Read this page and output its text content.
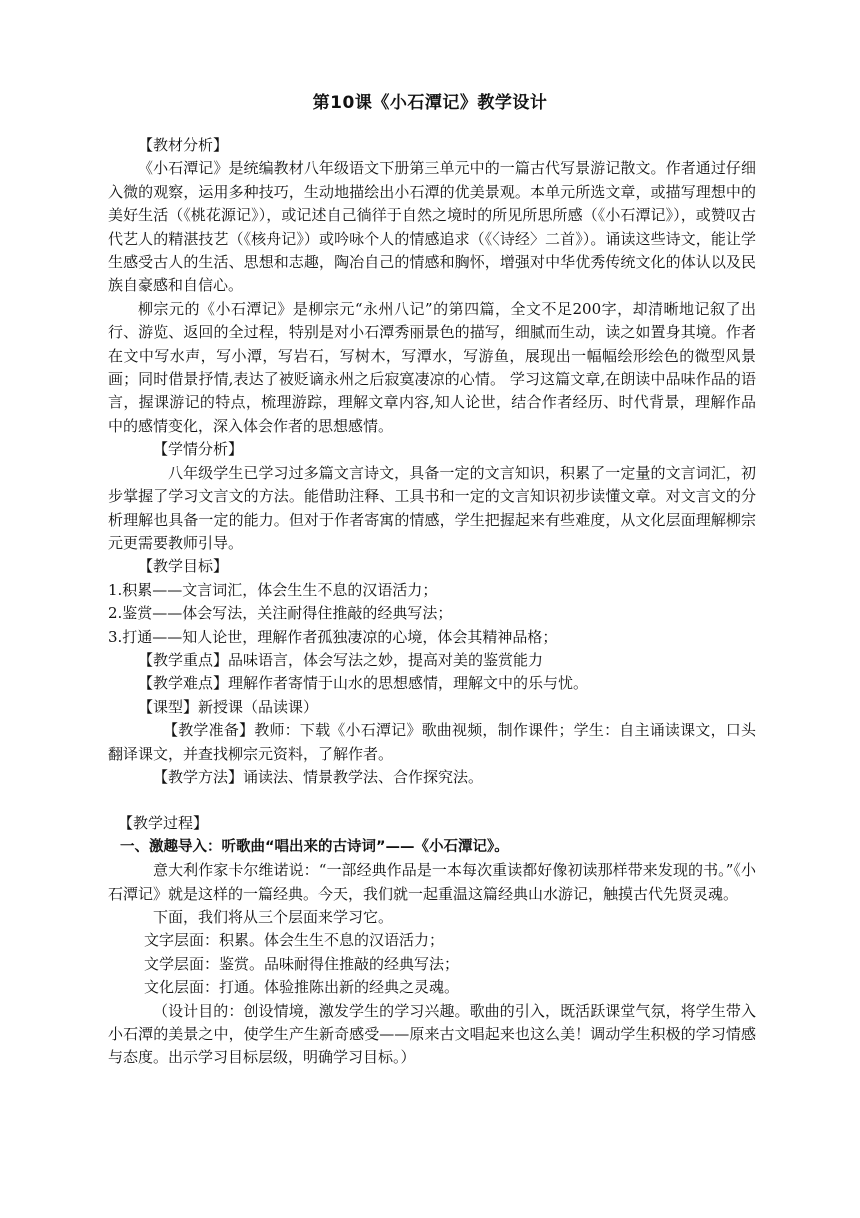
第10课《小石潭记》教学设计

【教材分析】

《小石潭记》是统编教材八年级语文下册第三单元中的一篇古代写景游记散文。作者通过仔细入微的观察，运用多种技巧，生动地描绘出小石潭的优美景观。本单元所选文章，或描写理想中的美好生活（《桃花源记》），或记述自己徜徉于自然之境时的所见所思所感（《小石潭记》），或赞叹古代艺人的精湛技艺（《核舟记》）或吟咏个人的情感追求（《〈诗经〉二首》）。诵读这些诗文，能让学生感受古人的生活、思想和志趣，陶冶自己的情感和胸怀，增强对中华优秀传统文化的体认以及民族自豪感和自信心。

柳宗元的《小石潭记》是柳宗元“永州八记”的第四篇，全文不足200字，却清晰地记叙了出行、游览、返回的全过程，特别是对小石潭秀丽景色的描写，细腻而生动，读之如置身其境。作者在文中写水声，写小潭，写岩石，写树木，写潭水，写游鱼，展现出一幅幅绘形绘色的微型风景画；同时借景抒情,表达了被贬谪永州之后寂寞凄凉的心情。 学习这篇文章,在朗读中品味作品的语言，握课游记的特点，梳理游踪，理解文章内容,知人论世，结合作者经历、时代背景，理解作品中的感情变化，深入体会作者的思想感情。

【学情分析】

八年级学生已学习过多篇文言诗文，具备一定的文言知识，积累了一定量的文言词汇，初步掌握了学习文言文的方法。能借助注释、工具书和一定的文言知识初步读懂文章。对文言文的分析理解也具备一定的能力。但对于作者寄寓的情感，学生把握起来有些难度，从文化层面理解柳宗元更需要教师引导。

【教学目标】

1.积累——文言词汇，体会生生不息的汉语活力；

2.鉴赏——体会写法，关注耐得住推敲的经典写法；

3.打通——知人论世，理解作者孤独凄凉的心境，体会其精神品格；

【教学重点】品味语言，体会写法之妙，提高对美的鉴赏能力

【教学难点】理解作者寄情于山水的思想感情，理解文中的乐与忧。

【课型】新授课（品读课）

【教学准备】教师：下载《小石潭记》歌曲视频，制作课件；学生：自主诵读课文，口头翻译课文，并查找柳宗元资料，了解作者。

【教学方法】诵读法、情景教学法、合作探究法。

【教学过程】

一、激趣导入：听歌曲“唱出来的古诗词”——《小石潭记》。

意大利作家卡尔维诺说：“一部经典作品是一本每次重读都好像初读那样带来发现的书。”《小石潭记》就是这样的一篇经典。今天，我们就一起重温这篇经典山水游记，触摸古代先贤灵魂。

下面，我们将从三个层面来学习它。

文字层面：积累。体会生生不息的汉语活力；

文学层面：鉴赏。品味耐得住推敲的经典写法；

文化层面：打通。体验推陈出新的经典之灵魂。

（设计目的：创设情境，激发学生的学习兴趣。歌曲的引入，既活跃课堂气氛，将学生带入小石潭的美景之中，使学生产生新奇感受——原来古文唱起来也这么美！调动学生积极的学习情感与态度。出示学习目标层级，明确学习目标。）
